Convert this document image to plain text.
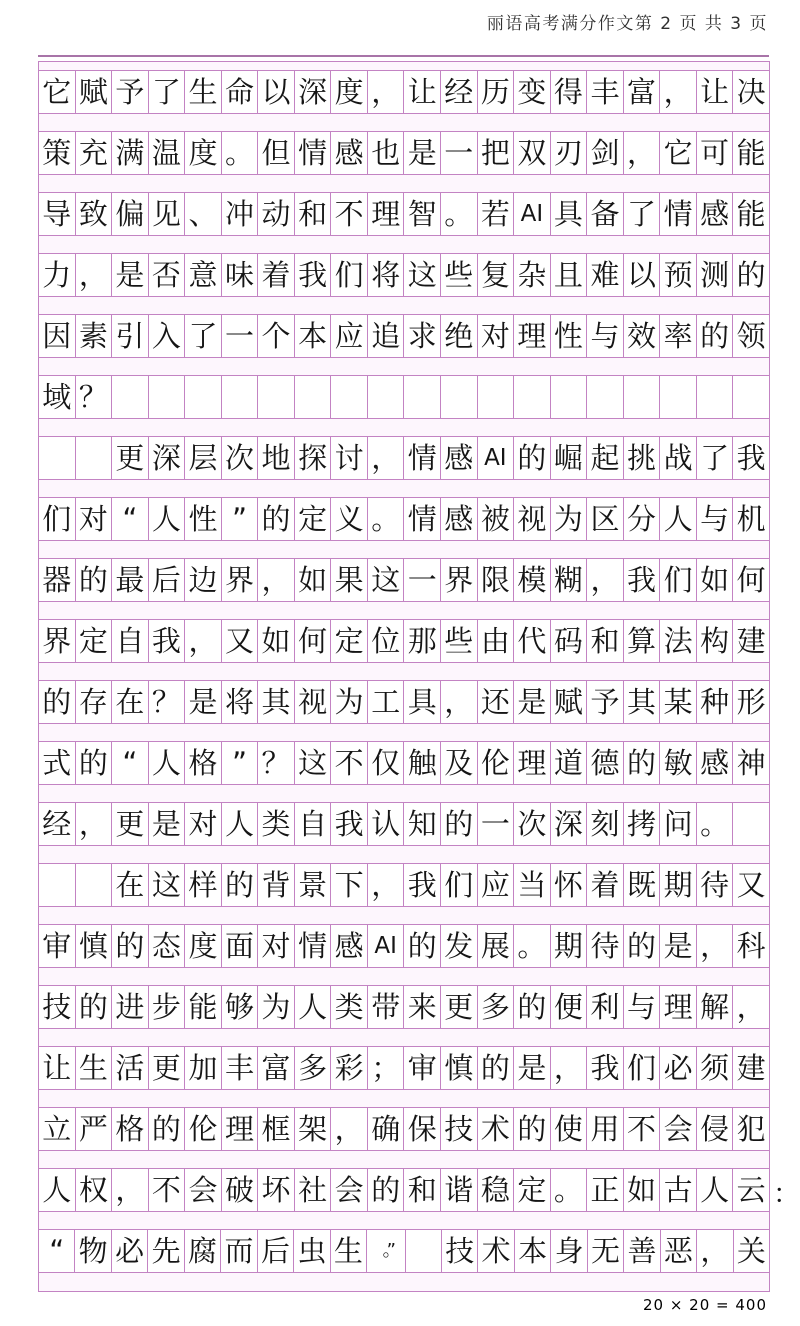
丽语高考满分作文第 2 页 共 3 页
它 赋 予 了 生 命 以 深 度 ， 让 经 历 变 得 丰 富 ， 让 决
策 充 满 温 度 。 但 情 感 也 是 一 把 双 刃 剑 ， 它 可 能
导 致 偏 见 、 冲 动 和 不 理 智 。 若 AI 具 备 了 情 感 能
力 ， 是 否 意 味 着 我 们 将 这 些 复 杂 且 难 以 预 测 的
因 素 引 入 了 一 个 本 应 追 求 绝 对 理 性 与 效 率 的 领
域 ？
更 深 层 次 地 探 讨 ， 情 感 AI 的 崛 起 挑 战 了 我
们 对 “ 人 性 ” 的 定 义 。 情 感 被 视 为 区 分 人 与 机
器 的 最 后 边 界 ， 如 果 这 一 界 限 模 糊 ， 我 们 如 何
界 定 自 我 ， 又 如 何 定 位 那 些 由 代 码 和 算 法 构 建
的 存 在 ？ 是 将 其 视 为 工 具 ， 还 是 赋 予 其 某 种 形
式 的 “ 人 格 ” ？ 这 不 仅 触 及 伦 理 道 德 的 敏 感 神
经 ， 更 是 对 人 类 自 我 认 知 的 一 次 深 刻 拷 问 。
在 这 样 的 背 景 下 ， 我 们 应 当 怀 着 既 期 待 又
审 慎 的 态 度 面 对 情 感 AI 的 发 展 。 期 待 的 是 ， 科
技 的 进 步 能 够 为 人 类 带 来 更 多 的 便 利 与 理 解 ，
让 生 活 更 加 丰 富 多 彩 ； 审 慎 的 是 ， 我 们 必 须 建
立 严 格 的 伦 理 框 架 ， 确 保 技 术 的 使 用 不 会 侵 犯
人 权 ， 不 会 破 坏 社 会 的 和 谐 稳 定 。 正 如 古 人 云
“ 物 必 先 腐 而 后 虫 生	。”	技 术 本 身 无 善 恶 ， 关
：
20 × 20 = 400
